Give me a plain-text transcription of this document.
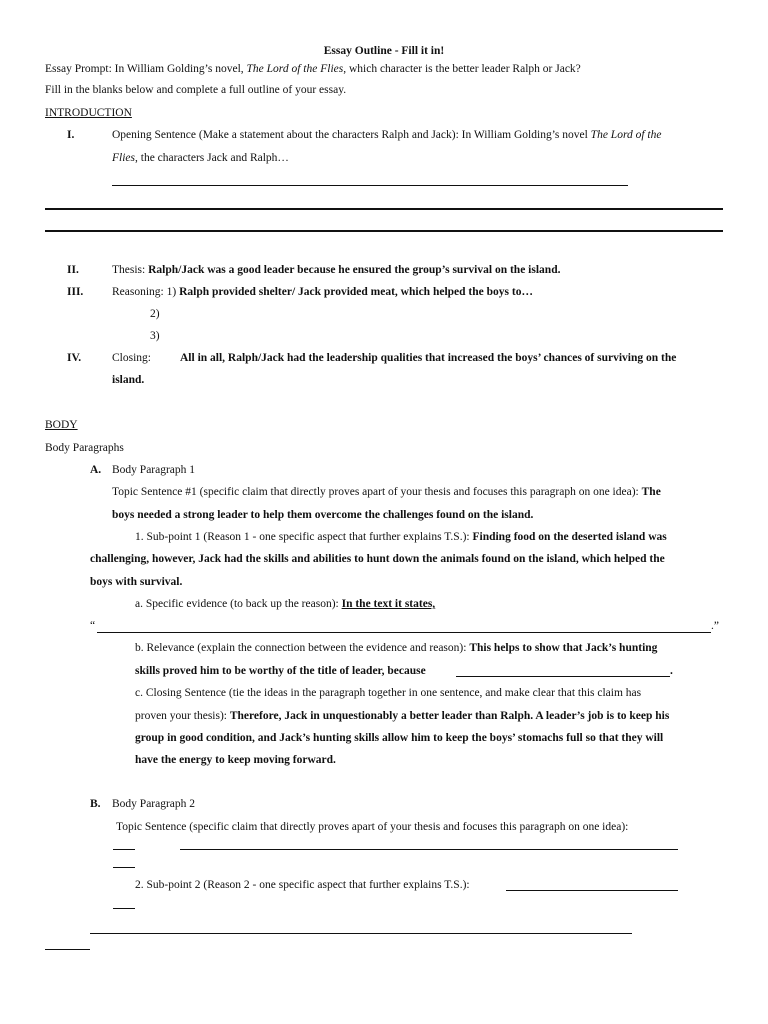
Essay Outline - Fill it in!
Essay Prompt: In William Golding’s novel, The Lord of the Flies, which character is the better leader Ralph or Jack?
Fill in the blanks below and complete a full outline of your essay.
INTRODUCTION
I.	Opening Sentence (Make a statement about the characters Ralph and Jack): In William Golding’s novel The Lord of the
Flies, the characters Jack and Ralph…
II.	Thesis: Ralph/Jack was a good leader because he ensured the group’s survival on the island.
III. Reasoning: 1) Ralph provided shelter/ Jack provided meat, which helped the boys to…
2)
3)
IV.	Closing:	All in all, Ralph/Jack had the leadership qualities that increased the boys’ chances of surviving on the
island.
BODY
Body Paragraphs
A. Body Paragraph 1
Topic Sentence #1 (specific claim that directly proves apart of your thesis and focuses this paragraph on one idea): The
boys needed a strong leader to help them overcome the challenges found on the island.
1. Sub-point 1 (Reason 1 - one specific aspect that further explains T.S.): Finding food on the deserted island was
challenging, however, Jack had the skills and abilities to hunt down the animals found on the island, which helped the
boys with survival.
a. Specific evidence (to back up the reason): In the text it states,
“	.”
b. Relevance (explain the connection between the evidence and reason): This helps to show that Jack’s hunting
skills proved him to be worthy of the title of leader, because	.
c. Closing Sentence (tie the ideas in the paragraph together in one sentence, and make clear that this claim has
proven your thesis): Therefore, Jack in unquestionably a better leader than Ralph. A leader’s job is to keep his
group in good condition, and Jack’s hunting skills allow him to keep the boys’ stomachs full so that they will
have the energy to keep moving forward.
B. Body Paragraph 2
Topic Sentence (specific claim that directly proves apart of your thesis and focuses this paragraph on one idea):
2. Sub-point 2 (Reason 2 - one specific aspect that further explains T.S.):
